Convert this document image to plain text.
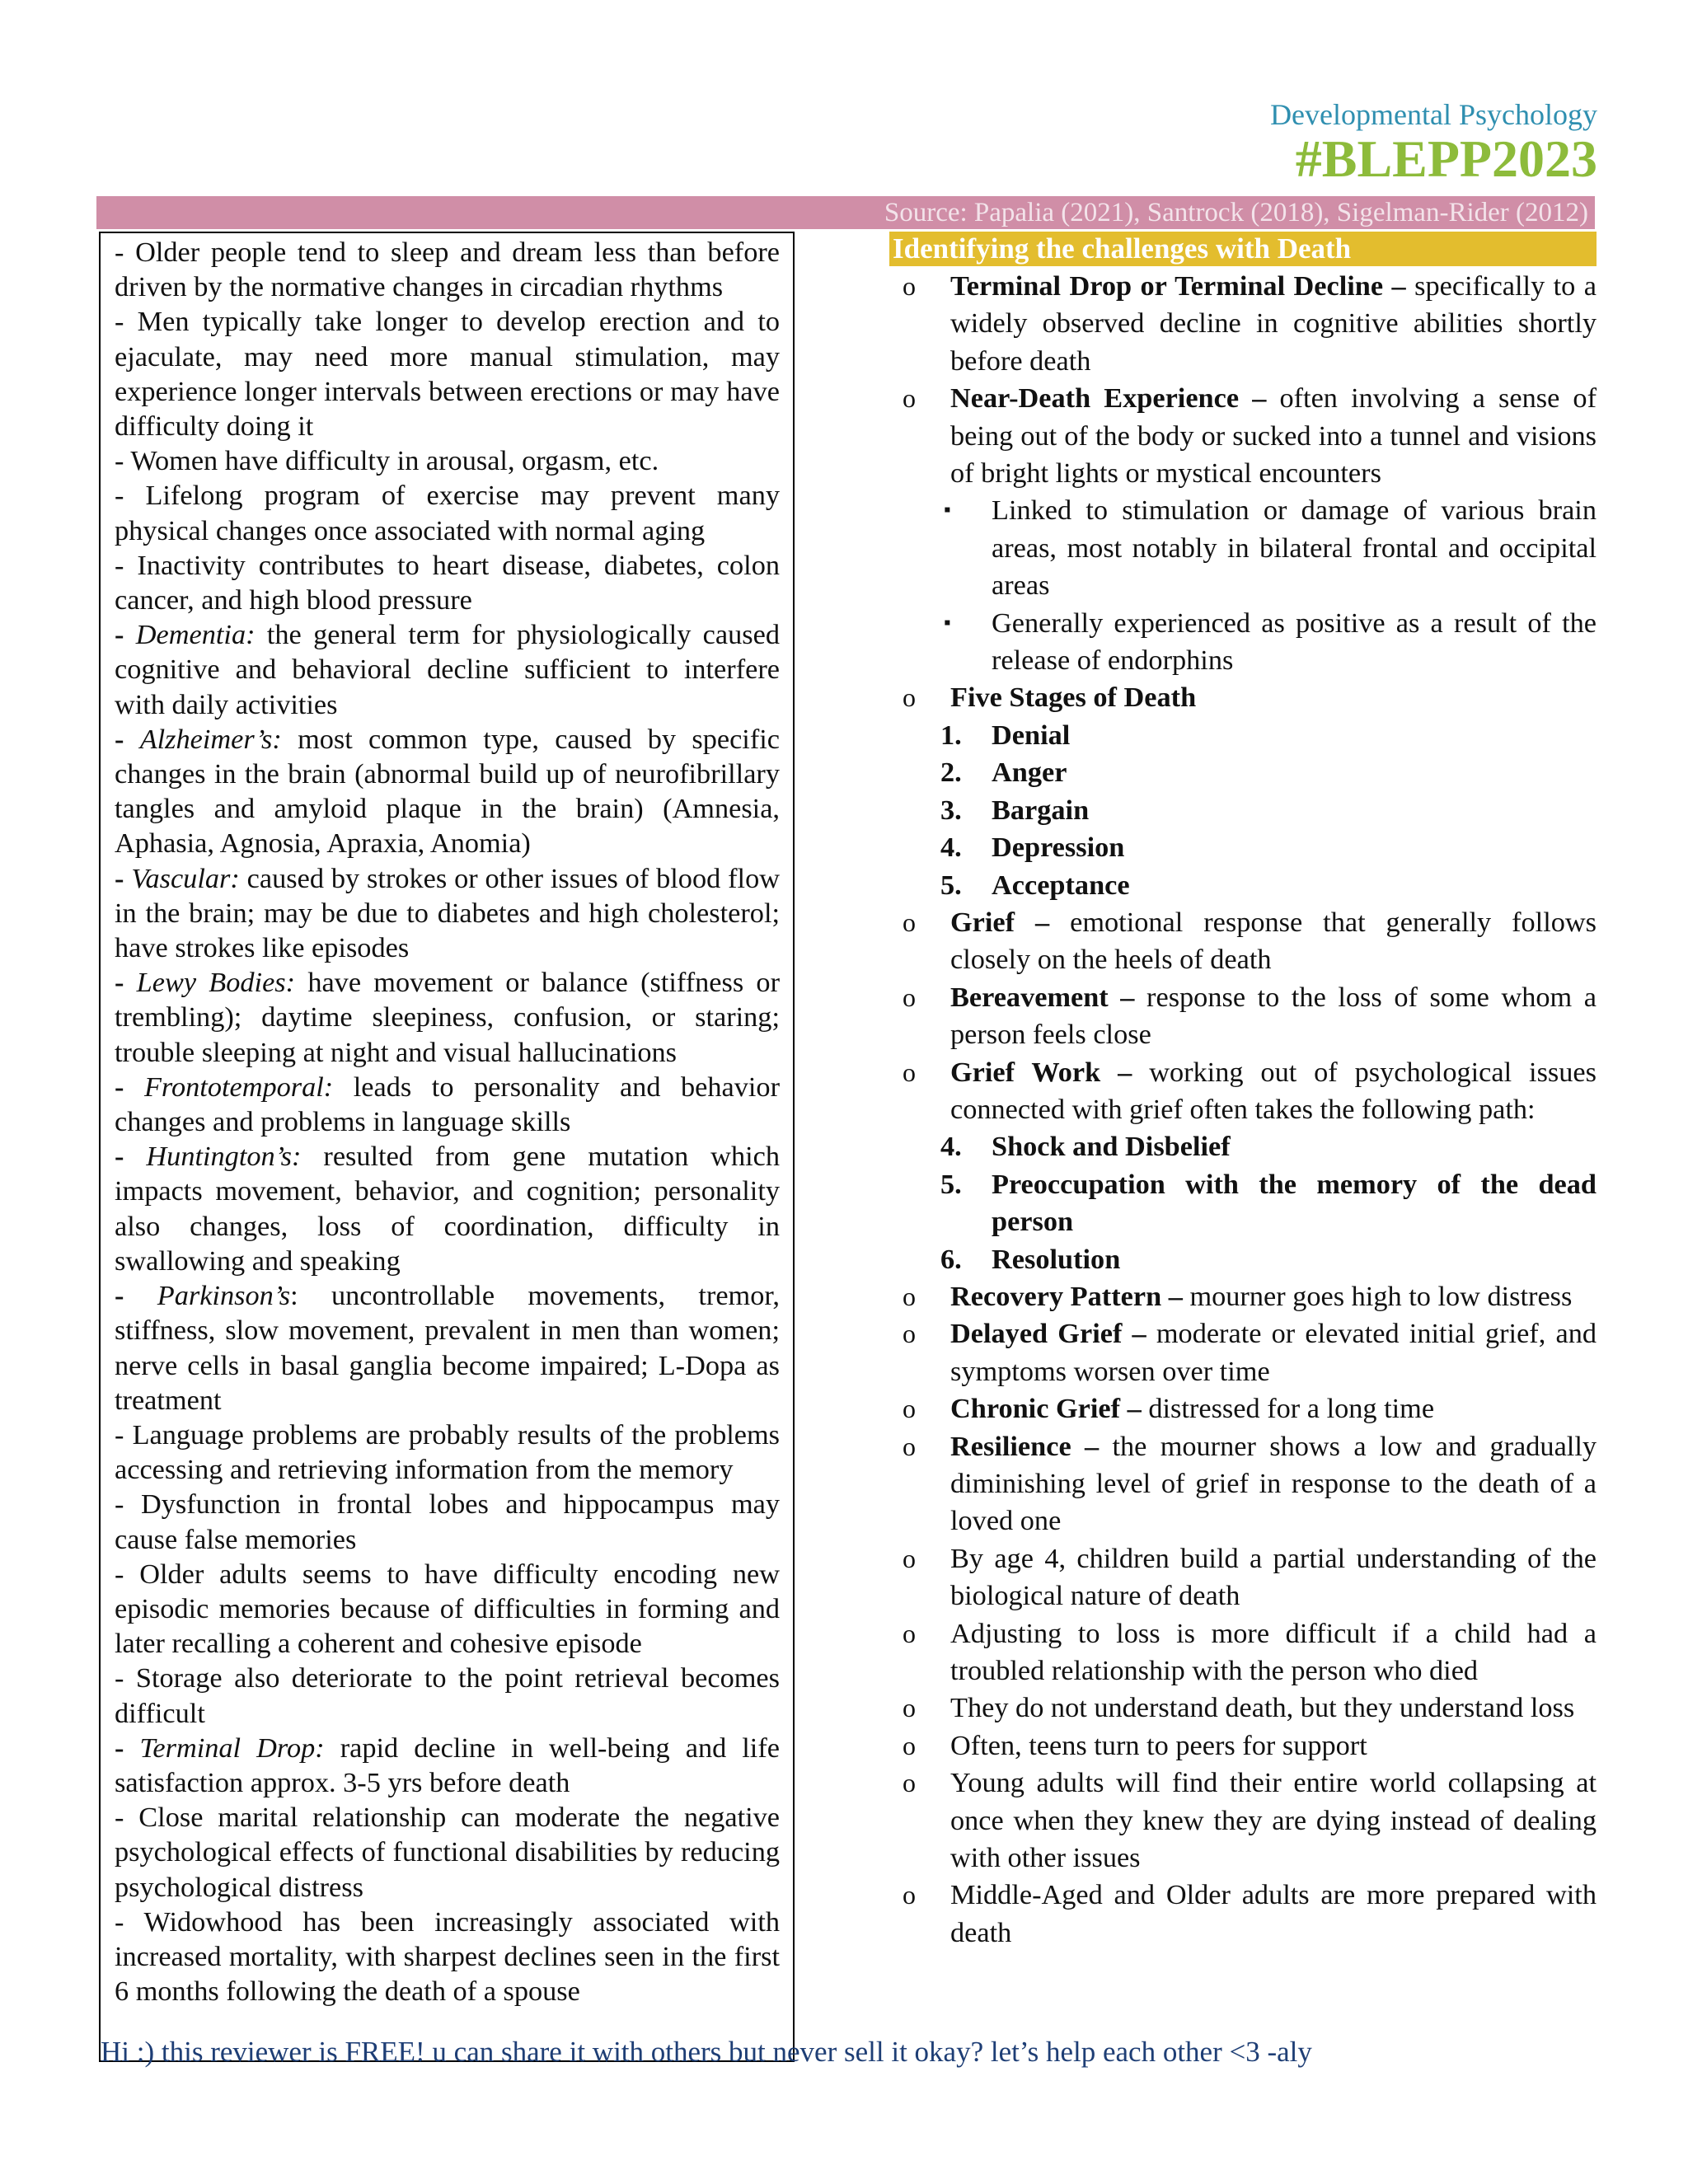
Developmental Psychology
#BLEPP2023
Source: Papalia (2021), Santrock (2018), Sigelman-Rider (2012)

- Older people tend to sleep and dream less than before driven by the normative changes in circadian rhythms

- Men typically take longer to develop erection and to ejaculate, may need more manual stimulation, may experience longer intervals between erections or may have difficulty doing it

- Women have difficulty in arousal, orgasm, etc.

- Lifelong program of exercise may prevent many physical changes once associated with normal aging

- Inactivity contributes to heart disease, diabetes, colon cancer, and high blood pressure

- Dementia: the general term for physiologically caused cognitive and behavioral decline sufficient to interfere with daily activities

- Alzheimer’s: most common type, caused by specific changes in the brain (abnormal build up of neurofibrillary tangles and amyloid plaque in the brain) (Amnesia, Aphasia, Agnosia, Apraxia, Anomia)

- Vascular: caused by strokes or other issues of blood flow in the brain; may be due to diabetes and high cholesterol; have strokes like episodes

- Lewy Bodies: have movement or balance (stiffness or trembling); daytime sleepiness, confusion, or staring; trouble sleeping at night and visual hallucinations

- Frontotemporal: leads to personality and behavior changes and problems in language skills

- Huntington’s: resulted from gene mutation which impacts movement, behavior, and cognition; personality also changes, loss of coordination, difficulty in swallowing and speaking

- Parkinson’s: uncontrollable movements, tremor, stiffness, slow movement, prevalent in men than women; nerve cells in basal ganglia become impaired; L-Dopa as treatment

- Language problems are probably results of the problems accessing and retrieving information from the memory

- Dysfunction in frontal lobes and hippocampus may cause false memories

- Older adults seems to have difficulty encoding new episodic memories because of difficulties in forming and later recalling a coherent and cohesive episode

- Storage also deteriorate to the point retrieval becomes difficult

- Terminal Drop: rapid decline in well-being and life satisfaction approx. 3-5 yrs before death

- Close marital relationship can moderate the negative psychological effects of functional disabilities by reducing psychological distress

- Widowhood has been increasingly associated with increased mortality, with sharpest declines seen in the first 6 months following the death of a spouse

Identifying the challenges with Death
o Terminal Drop or Terminal Decline – specifically to a widely observed decline in cognitive abilities shortly before death
o Near-Death Experience – often involving a sense of being out of the body or sucked into a tunnel and visions of bright lights or mystical encounters
▪ Linked to stimulation or damage of various brain areas, most notably in bilateral frontal and occipital areas
▪ Generally experienced as positive as a result of the release of endorphins
o Five Stages of Death
1. Denial
2. Anger
3. Bargain
4. Depression
5. Acceptance
o Grief – emotional response that generally follows closely on the heels of death
o Bereavement – response to the loss of some whom a person feels close
o Grief Work – working out of psychological issues connected with grief often takes the following path:
4. Shock and Disbelief
5. Preoccupation with the memory of the dead person
6. Resolution
o Recovery Pattern – mourner goes high to low distress
o Delayed Grief – moderate or elevated initial grief, and symptoms worsen over time
o Chronic Grief – distressed for a long time
o Resilience – the mourner shows a low and gradually diminishing level of grief in response to the death of a loved one
o By age 4, children build a partial understanding of the biological nature of death
o Adjusting to loss is more difficult if a child had a troubled relationship with the person who died
o They do not understand death, but they understand loss
o Often, teens turn to peers for support
o Young adults will find their entire world collapsing at once when they knew they are dying instead of dealing with other issues
o Middle-Aged and Older adults are more prepared with death
Hi :) this reviewer is FREE! u can share it with others but never sell it okay? let’s help each other <3 -aly
